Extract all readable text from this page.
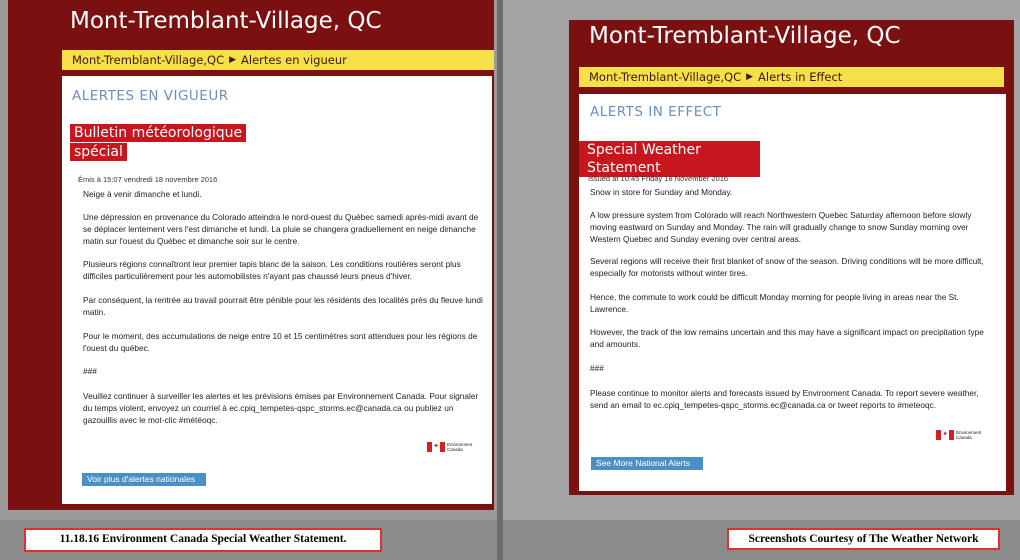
Mont-Tremblant-Village, QC
Mont-Tremblant-Village,QC ▶ Alertes en vigueur
ALERTES EN VIGUEUR
Bulletin météorologique
spécial
Émis à 15:07 vendredi 18 novembre 2016
Neige à venir dimanche et lundi.
Une dépression en provenance du Colorado atteindra le nord-ouest du Québec samedi après-midi avant de se déplacer lentement vers l'est dimanche et lundi. La pluie se changera graduellement en neige dimanche matin sur l'ouest du Québec et dimanche soir sur le centre.
Plusieurs régions connaîtront leur premier tapis blanc de la saison. Les conditions routières seront plus difficiles particulièrement pour les automobilistes n'ayant pas chaussé leurs pneus d'hiver.
Par conséquent, la rentrée au travail pourrait être pénible pour les résidents des localités près du fleuve lundi matin.
Pour le moment, des accumulations de neige entre 10 et 15 centimètres sont attendues pour les régions de l'ouest du québec.
###
Veuillez continuer à surveiller les alertes et les prévisions émises par Environnement Canada. Pour signaler du temps violent, envoyez un courriel à ec.cpiq_tempetes-qspc_storms.ec@canada.ca ou publiez un gazouillis avec le mot-clic #météoqc.
✦ Environment
Canada
Voir plus d'alertes nationales
Mont-Tremblant-Village, QC
Mont-Tremblant-Village,QC ▶ Alerts in Effect
ALERTS IN EFFECT
Special Weather Statement
Issued at 10:45 Friday 18 November 2016
Snow in store for Sunday and Monday.
A low pressure system from Colorado will reach Northwestern Quebec Saturday afternoon before slowly moving eastward on Sunday and Monday. The rain will gradually change to snow Sunday morning over Western Quebec and Sunday evening over central areas.
Several regions will receive their first blanket of snow of the season. Driving conditions will be more difficult, especially for motorists without winter tires.
Hence, the commute to work could be difficult Monday morning for people living in areas near the St. Lawrence.
However, the track of the low remains uncertain and this may have a significant impact on precipitation type and amounts.
###
Please continue to monitor alerts and forecasts issued by Environment Canada. To report severe weather, send an email to ec.cpiq_tempetes-qspc_storms.ec@canada.ca or tweet reports to #meteoqc.
✦ Environment
Canada
See More National Alerts
11.18.16 Environment Canada Special Weather Statement.	Screenshots Courtesy of The Weather Network
